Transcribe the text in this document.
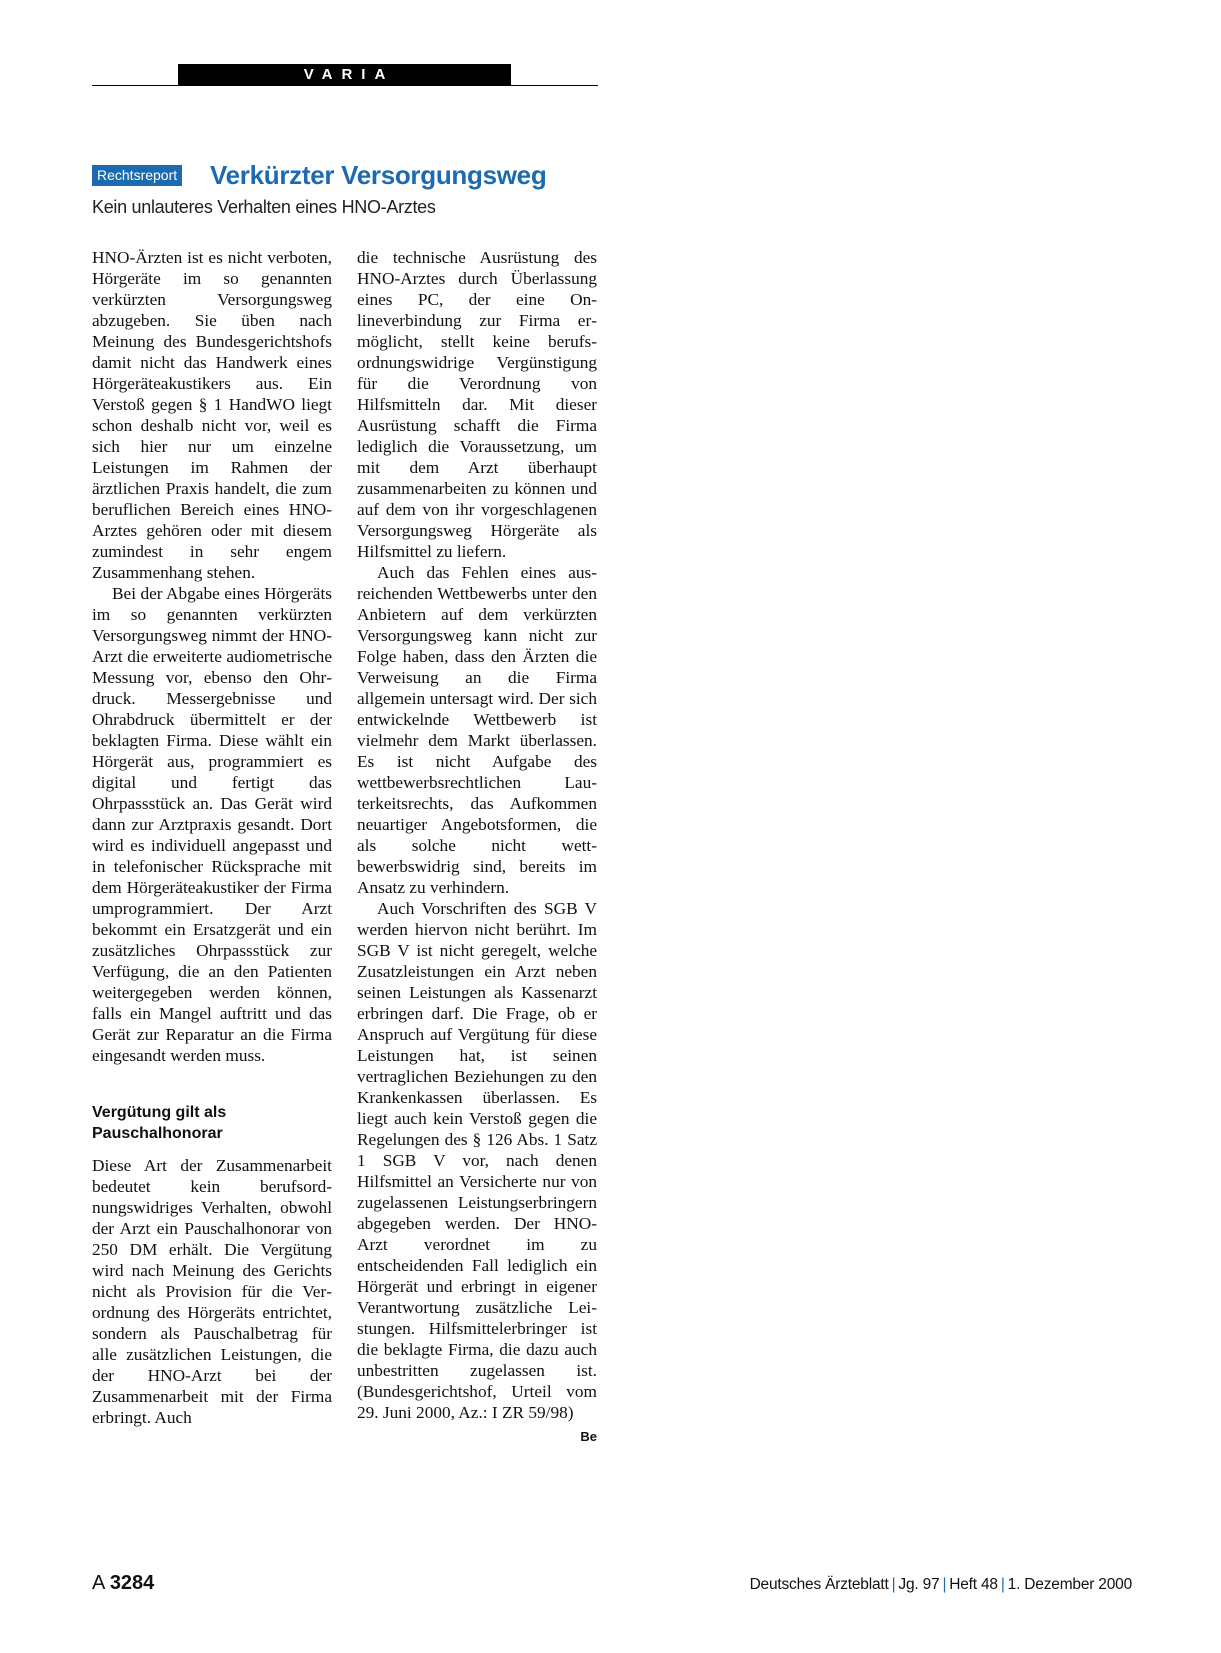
VARIA
Rechtsreport Verkürzter Versorgungsweg
Kein unlauteres Verhalten eines HNO-Arztes

HNO-Ärzten ist es nicht verboten, Hörgeräte im so genannten verkürzten Versorgungsweg abzugeben. Sie üben nach Meinung des Bundesgerichtshofs damit nicht das Handwerk eines Hörgeräteakustikers aus. Ein Verstoß gegen § 1 HandWO liegt schon deshalb nicht vor, weil es sich hier nur um einzelne Leistungen im Rahmen der ärztlichen Praxis handelt, die zum beruflichen Bereich eines HNO-Arztes gehören oder mit diesem zumindest in sehr engem Zusammenhang stehen.

Bei der Abgabe eines Hörgeräts im so genannten verkürzten Versorgungsweg nimmt der HNO-Arzt die erweiterte audiometrische Messung vor, ebenso den Ohrdruck. Messergebnisse und Ohrabdruck übermittelt er der beklagten Firma. Diese wählt ein Hörgerät aus, programmiert es digital und fertigt das Ohrpassstück an. Das Gerät wird dann zur Arztpraxis gesandt. Dort wird es individuell angepasst und in telefonischer Rücksprache mit dem Hörgeräteakustiker der Firma umprogrammiert. Der Arzt bekommt ein Ersatzgerät und ein zusätzliches Ohrpassstück zur Verfügung, die an den Patienten weitergegeben werden können, falls ein Mangel auftritt und das Gerät zur Reparatur an die Firma eingesandt werden muss.

Vergütung gilt als Pauschalhonorar

Diese Art der Zusammenarbeit bedeutet kein berufsordnungswidriges Verhalten, obwohl der Arzt ein Pauschalhonorar von 250 DM erhält. Die Vergütung wird nach Meinung des Gerichts nicht als Provision für die Verordnung des Hörgeräts entrichtet, sondern als Pauschalbetrag für alle zusätzlichen Leistungen, die der HNO-Arzt bei der Zusammenarbeit mit der Firma erbringt. Auch

die technische Ausrüstung des HNO-Arztes durch Überlassung eines PC, der eine Onlineverbindung zur Firma ermöglicht, stellt keine berufsordnungswidrige Vergünstigung für die Verordnung von Hilfsmitteln dar. Mit dieser Ausrüstung schafft die Firma lediglich die Voraussetzung, um mit dem Arzt überhaupt zusammenarbeiten zu können und auf dem von ihr vorgeschlagenen Versorgungsweg Hörgeräte als Hilfsmittel zu liefern.

Auch das Fehlen eines ausreichenden Wettbewerbs unter den Anbietern auf dem verkürzten Versorgungsweg kann nicht zur Folge haben, dass den Ärzten die Verweisung an die Firma allgemein untersagt wird. Der sich entwickelnde Wettbewerb ist vielmehr dem Markt überlassen. Es ist nicht Aufgabe des wettbewerbsrechtlichen Lauterkeitsrechts, das Aufkommen neuartiger Angebotsformen, die als solche nicht wettbewerbswidrig sind, bereits im Ansatz zu verhindern.

Auch Vorschriften des SGB V werden hiervon nicht berührt. Im SGB V ist nicht geregelt, welche Zusatzleistungen ein Arzt neben seinen Leistungen als Kassenarzt erbringen darf. Die Frage, ob er Anspruch auf Vergütung für diese Leistungen hat, ist seinen vertraglichen Beziehungen zu den Krankenkassen überlassen. Es liegt auch kein Verstoß gegen die Regelungen des § 126 Abs. 1 Satz 1 SGB V vor, nach denen Hilfsmittel an Versicherte nur von zugelassenen Leistungserbringern abgegeben werden. Der HNO-Arzt verordnet im zu entscheidenden Fall lediglich ein Hörgerät und erbringt in eigener Verantwortung zusätzliche Leistungen. Hilfsmittelerbringer ist die beklagte Firma, die dazu auch unbestritten zugelassen ist. (Bundesgerichtshof, Urteil vom 29. Juni 2000, Az.: I ZR 59/98)
Be

A 3284	Deutsches Ärzteblatt | Jg. 97 | Heft 48 | 1. Dezember 2000
